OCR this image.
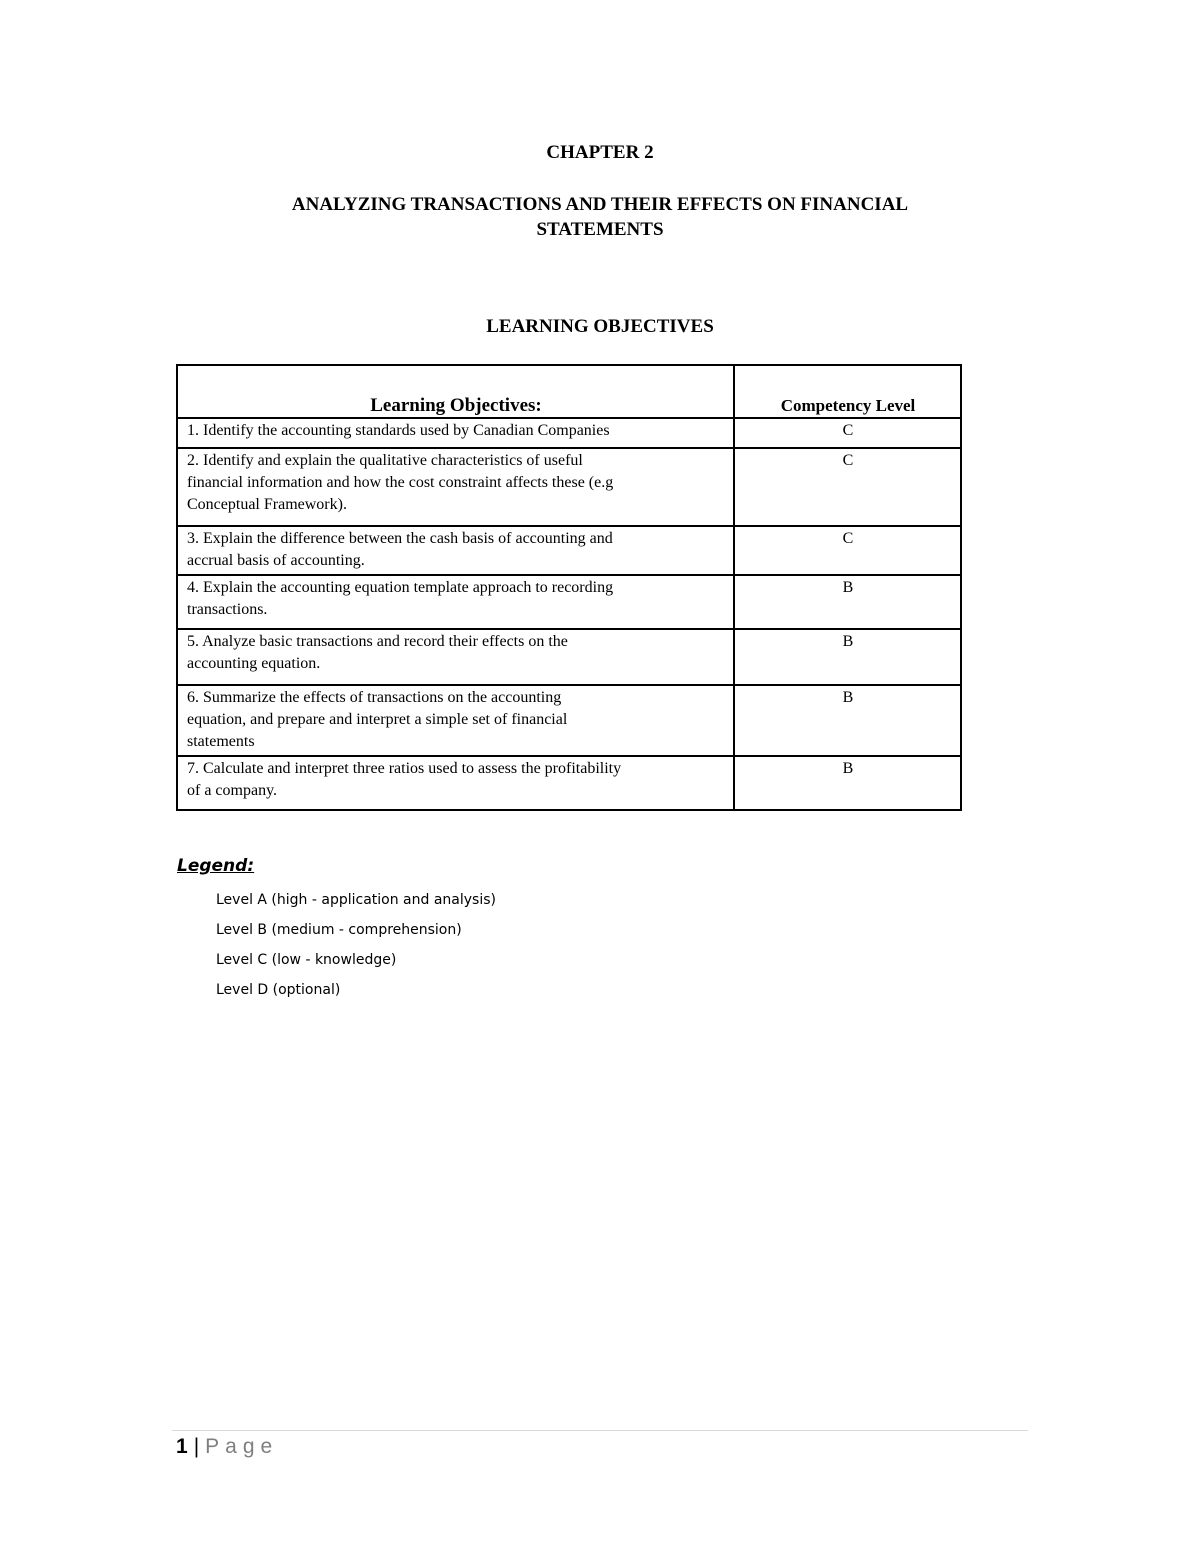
CHAPTER 2
ANALYZING TRANSACTIONS AND THEIR EFFECTS ON FINANCIAL
STATEMENTS
LEARNING OBJECTIVES
Learning Objectives:	Competency Level

1. Identify the accounting standards used by Canadian Companies	C

2. Identify and explain the qualitative characteristics of useful
financial information and how the cost constraint affects these (e.g
Conceptual Framework).	C

3. Explain the difference between the cash basis of accounting and
accrual basis of accounting.	C

4. Explain the accounting equation template approach to recording
transactions.	B

5. Analyze basic transactions and record their effects on the
accounting equation.	B

6. Summarize the effects of transactions on the accounting
equation, and prepare and interpret a simple set of financial
statements	B

7. Calculate and interpret three ratios used to assess the profitability
of a company.	B
Legend:
Level A (high - application and analysis)
Level B (medium - comprehension)
Level C (low - knowledge)
Level D (optional)
1 | Page
